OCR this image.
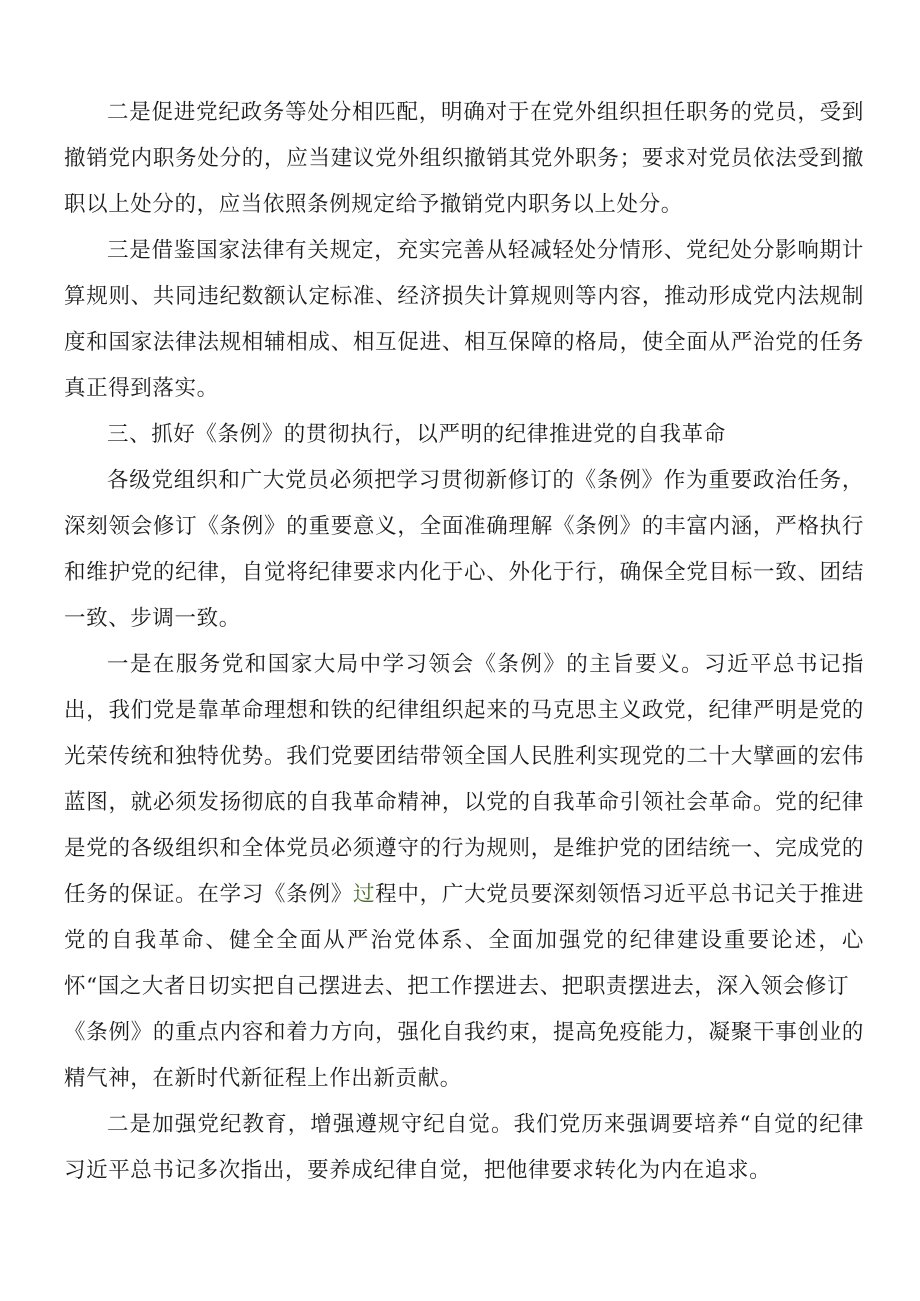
二是促进党纪政务等处分相匹配，明确对于在党外组织担任职务的党员，受到撤销党内职务处分的，应当建议党外组织撤销其党外职务；要求对党员依法受到撤职以上处分的，应当依照条例规定给予撤销党内职务以上处分。

三是借鉴国家法律有关规定，充实完善从轻减轻处分情形、党纪处分影响期计算规则、共同违纪数额认定标准、经济损失计算规则等内容，推动形成党内法规制度和国家法律法规相辅相成、相互促进、相互保障的格局，使全面从严治党的任务真正得到落实。

三、抓好《条例》的贯彻执行，以严明的纪律推进党的自我革命

各级党组织和广大党员必须把学习贯彻新修订的《条例》作为重要政治任务，深刻领会修订《条例》的重要意义，全面准确理解《条例》的丰富内涵，严格执行和维护党的纪律，自觉将纪律要求内化于心、外化于行，确保全党目标一致、团结一致、步调一致。

一是在服务党和国家大局中学习领会《条例》的主旨要义。习近平总书记指出，我们党是靠革命理想和铁的纪律组织起来的马克思主义政党，纪律严明是党的光荣传统和独特优势。我们党要团结带领全国人民胜利实现党的二十大擘画的宏伟蓝图，就必须发扬彻底的自我革命精神，以党的自我革命引领社会革命。党的纪律是党的各级组织和全体党员必须遵守的行为规则，是维护党的团结统一、完成党的任务的保证。在学习《条例》过程中，广大党员要深刻领悟习近平总书记关于推进党的自我革命、健全全面从严治党体系、全面加强党的纪律建设重要论述，心怀“国之大者日切实把自己摆进去、把工作摆进去、把职责摆进去，深入领会修订

《条例》的重点内容和着力方向，强化自我约束，提高免疫能力，凝聚干事创业的精气神，在新时代新征程上作出新贡献。

二是加强党纪教育，增强遵规守纪自觉。我们党历来强调要培养“自觉的纪律习近平总书记多次指出，要养成纪律自觉，把他律要求转化为内在追求。
